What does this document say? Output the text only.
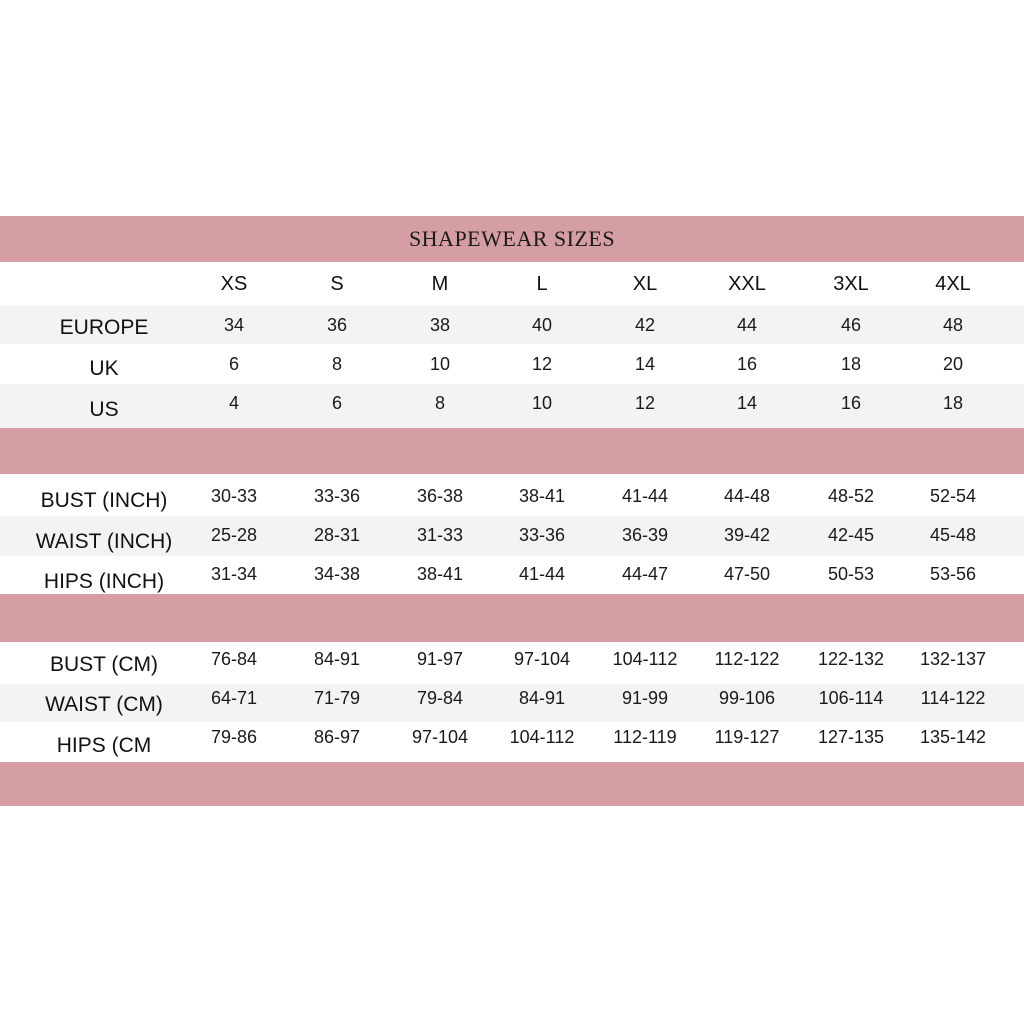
SHAPEWEAR SIZES
XS	S	M	L	XL	XXL	3XL	4XL
EUROPE	34	36	38	40	42	44	46	48
UK	6	8	10	12	14	16	18	20
US	4	6	8	10	12	14	16	18
BUST (INCH)	30-33	33-36	36-38	38-41	41-44	44-48	48-52	52-54
WAIST (INCH)	25-28	28-31	31-33	33-36	36-39	39-42	42-45	45-48
HIPS (INCH)	31-34	34-38	38-41	41-44	44-47	47-50	50-53	53-56
BUST (CM)	76-84	84-91	91-97	97-104	104-112	112-122	122-132	132-137
WAIST (CM)	64-71	71-79	79-84	84-91	91-99	99-106	106-114	114-122
HIPS (CM	79-86	86-97	97-104	104-112	112-119	119-127	127-135	135-142
